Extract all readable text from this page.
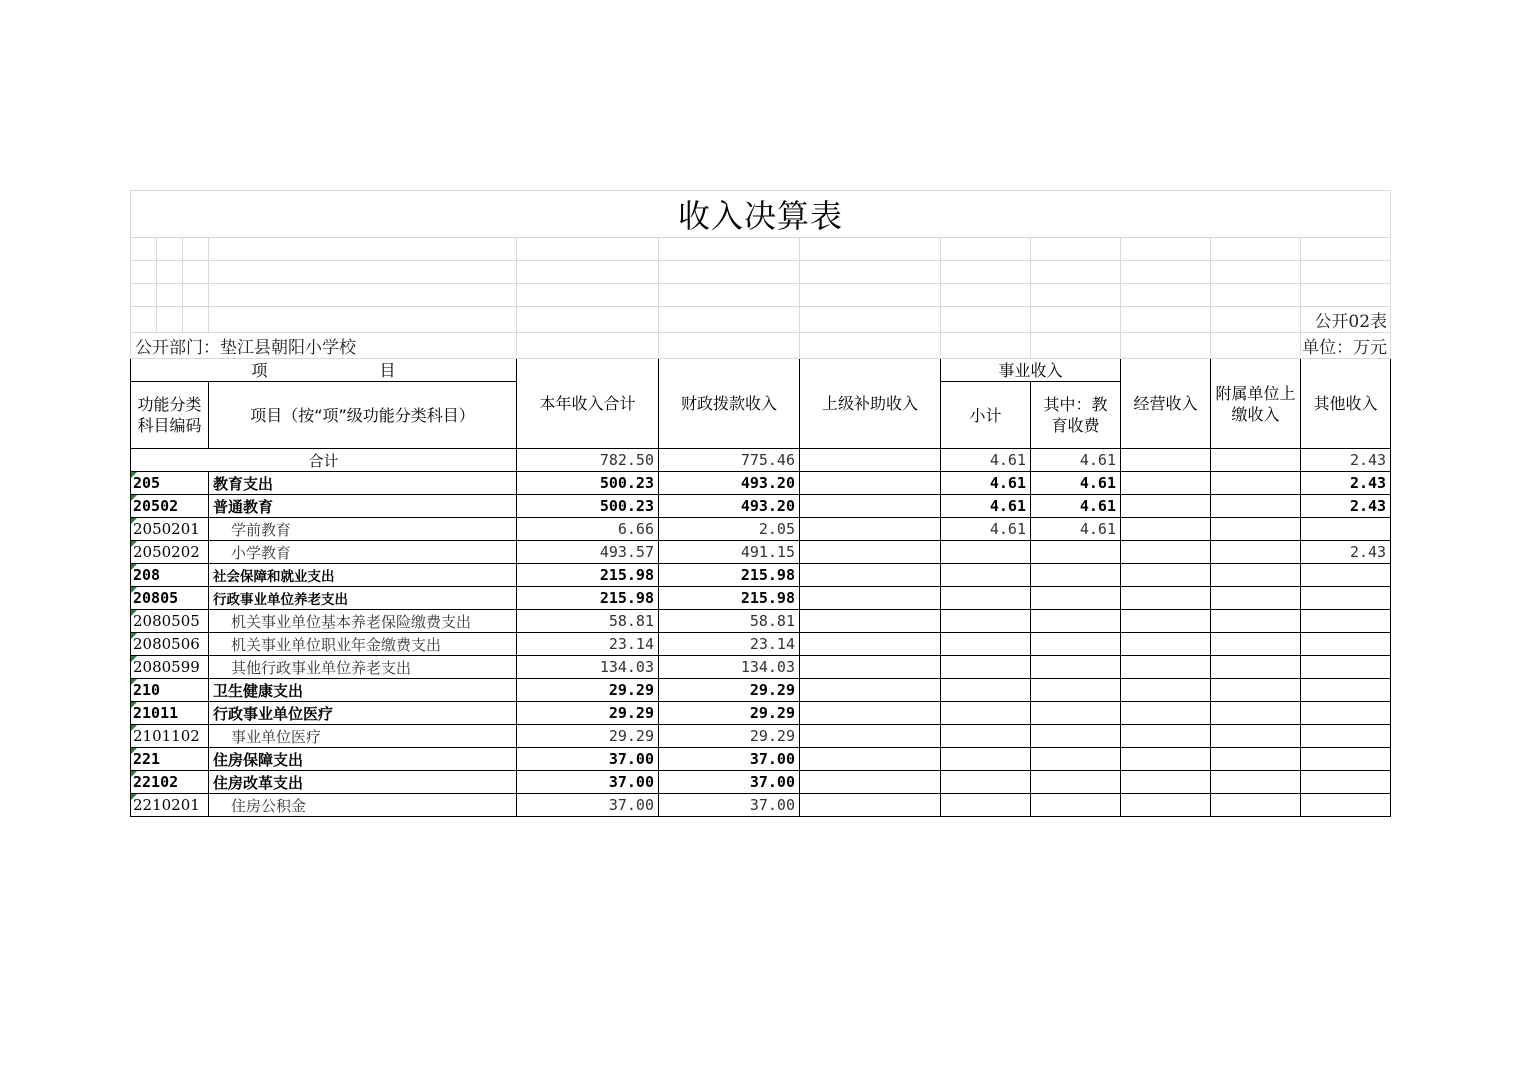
收入决算表											

											公开02表
公开部门：垫江县朝阳小学校											单位：万元
项　　　　　　　目				本年收入合计	财政拨款收入	上级补助收入	事业收入		经营收入	附属单位上缴收入	其他收入
功能分类科目编码			项目（按“项”级功能分类科目）				小计	其中：教育收费			
合计				782.50	775.46		4.61	4.61			2.43

205			教育支出	500.23	493.20		4.61	4.61			2.43

20502			普通教育	500.23	493.20		4.61	4.61			2.43

2050201			学前教育	6.66	2.05		4.61	4.61			

2050202			小学教育	493.57	491.15						2.43

208			社会保障和就业支出	215.98	215.98						

20805			行政事业单位养老支出	215.98	215.98						

2080505			机关事业单位基本养老保险缴费支出	58.81	58.81						

2080506			机关事业单位职业年金缴费支出	23.14	23.14						

2080599			其他行政事业单位养老支出	134.03	134.03						

210			卫生健康支出	29.29	29.29						

21011			行政事业单位医疗	29.29	29.29						

2101102			事业单位医疗	29.29	29.29						

221			住房保障支出	37.00	37.00						

22102			住房改革支出	37.00	37.00						

2210201			住房公积金	37.00	37.00						
